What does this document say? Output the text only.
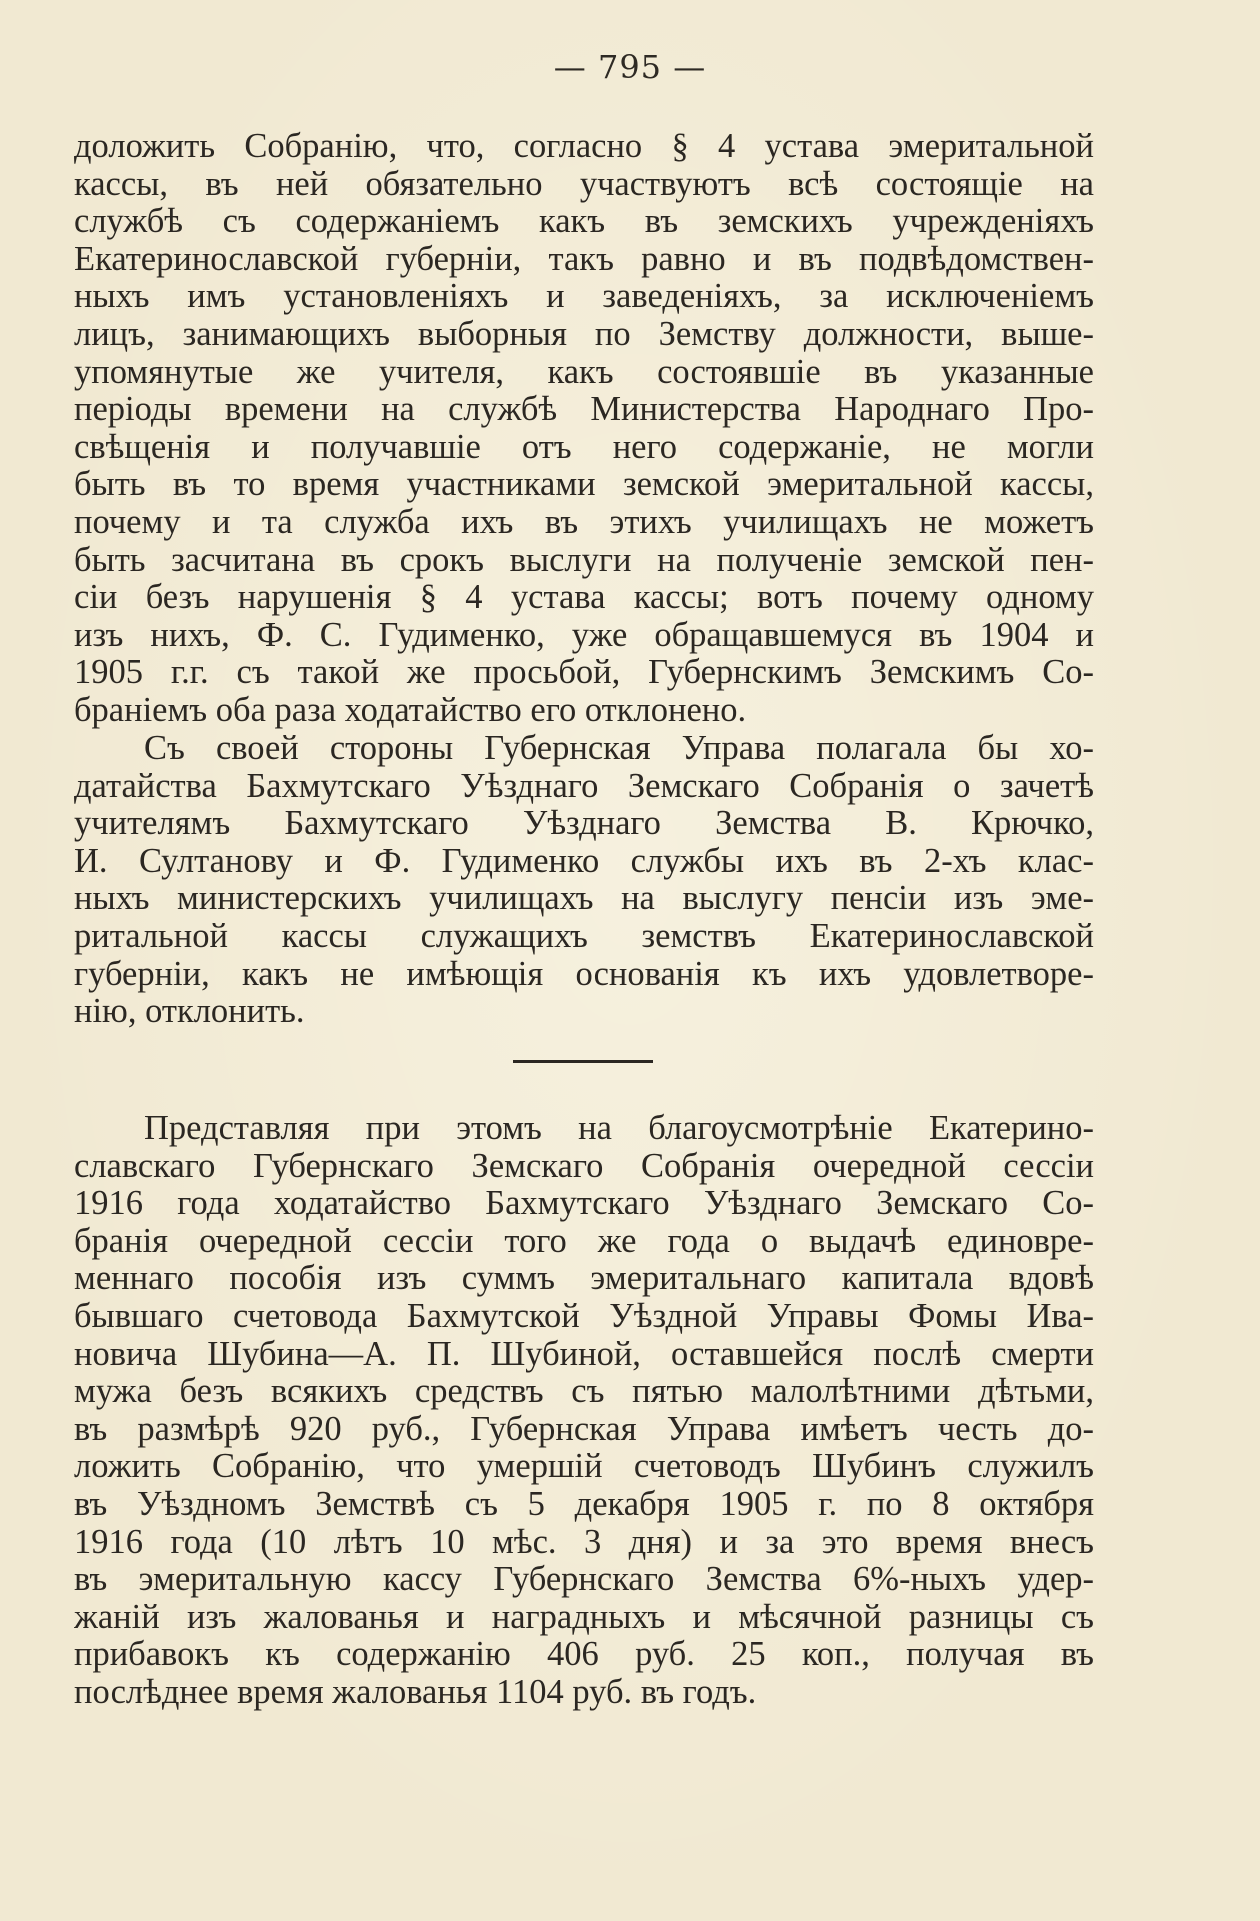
— 795 —
доложить Собранію, что, согласно § 4 устава эмеритальной
кассы, въ ней обязательно участвуютъ всѣ состоящіе на
службѣ съ содержаніемъ какъ въ земскихъ учрежденіяхъ
Екатеринославской губерніи, такъ равно и въ подвѣдомствен-
ныхъ имъ установленіяхъ и заведеніяхъ, за исключеніемъ
лицъ, занимающихъ выборныя по Земству должности, выше-
упомянутые же учителя, какъ состоявшіе въ указанные
періоды времени на службѣ Министерства Народнаго Про-
свѣщенія и получавшіе отъ него содержаніе, не могли
быть въ то время участниками земской эмеритальной кассы,
почему и та служба ихъ въ этихъ училищахъ не можетъ
быть засчитана въ срокъ выслуги на полученіе земской пен-
сіи безъ нарушенія § 4 устава кассы; вотъ почему одному
изъ нихъ, Ф. С. Гудименко, уже обращавшемуся въ 1904 и
1905 г.г. съ такой же просьбой, Губернскимъ Земскимъ Со-
браніемъ оба раза ходатайство его отклонено.
Съ своей стороны Губернская Управа полагала бы хо-
датайства Бахмутскаго Уѣзднаго Земскаго Собранія о зачетѣ
учителямъ Бахмутскаго Уѣзднаго Земства В. Крючко,
И. Султанову и Ф. Гудименко службы ихъ въ 2-хъ клас-
ныхъ министерскихъ училищахъ на выслугу пенсіи изъ эме-
ритальной кассы служащихъ земствъ Екатеринославской
губерніи, какъ не имѣющія основанія къ ихъ удовлетворе-
нію, отклонить.
Представляя при этомъ на благоусмотрѣніе Екатерино-
славскаго Губернскаго Земскаго Собранія очередной сессіи
1916 года ходатайство Бахмутскаго Уѣзднаго Земскаго Со-
бранія очередной сессіи того же года о выдачѣ единовре-
меннаго пособія изъ суммъ эмеритальнаго капитала вдовѣ
бывшаго счетовода Бахмутской Уѣздной Управы Фомы Ива-
новича Шубина—А. П. Шубиной, оставшейся послѣ смерти
мужа безъ всякихъ средствъ съ пятью малолѣтними дѣтьми,
въ размѣрѣ 920 руб., Губернская Управа имѣетъ честь до-
ложить Собранію, что умершій счетоводъ Шубинъ служилъ
въ Уѣздномъ Земствѣ съ 5 декабря 1905 г. по 8 октября
1916 года (10 лѣтъ 10 мѣс. 3 дня) и за это время внесъ
въ эмеритальную кассу Губернскаго Земства 6%-ныхъ удер-
жаній изъ жалованья и наградныхъ и мѣсячной разницы съ
прибавокъ къ содержанію 406 руб. 25 коп., получая въ
послѣднее время жалованья 1104 руб. въ годъ.
